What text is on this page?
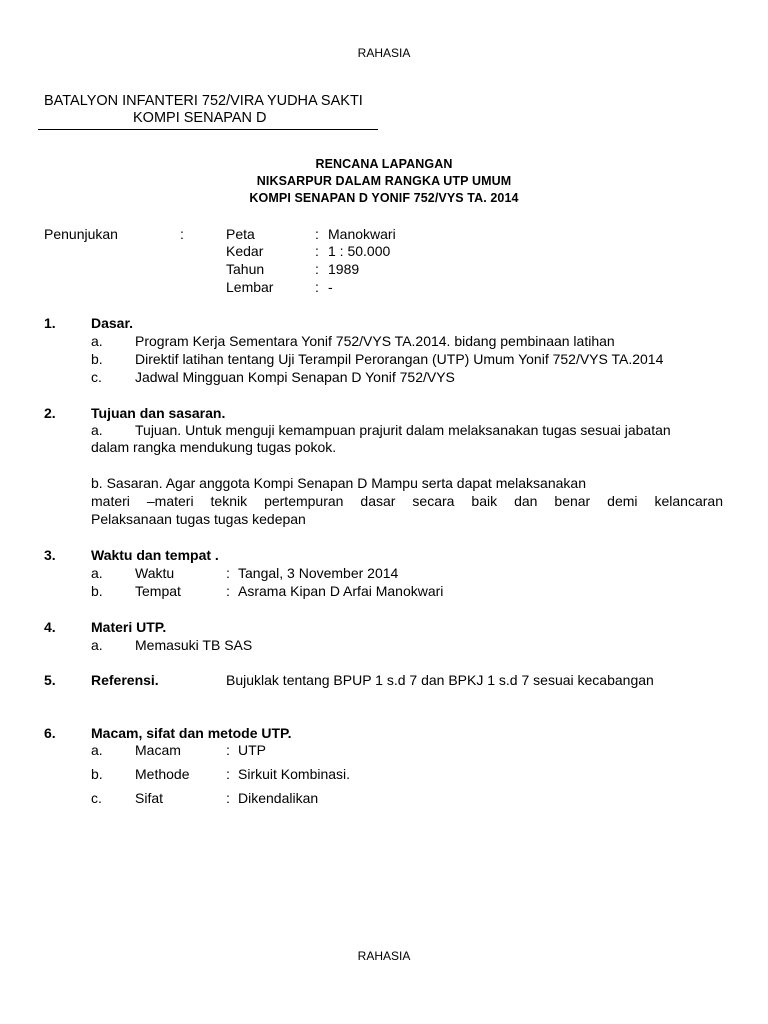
RAHASIA
BATALYON INFANTERI 752/VIRA YUDHA SAKTI
KOMPI SENAPAN D
RENCANA LAPANGAN
NIKSARPUR DALAM RANGKA UTP UMUM
KOMPI SENAPAN D YONIF 752/VYS TA. 2014
Penunjukan	:	Peta	: Manokwari
Kedar	: 1 : 50.000
Tahun	: 1989
Lembar	: -
1.	Dasar.
a. Program Kerja Sementara Yonif 752/VYS TA.2014. bidang pembinaan latihan
b. Direktif latihan tentang Uji Terampil Perorangan (UTP) Umum Yonif 752/VYS TA.2014
c. Jadwal Mingguan Kompi Senapan D Yonif 752/VYS
2.	Tujuan dan sasaran.
a. Tujuan. Untuk menguji kemampuan prajurit dalam melaksanakan tugas sesuai jabatan
dalam rangka mendukung tugas pokok.
b. Sasaran. Agar anggota Kompi Senapan D Mampu serta dapat melaksanakan
materi –materi teknik pertempuran dasar secara baik dan benar demi kelancaran
Pelaksanaan tugas tugas kedepan
3.	Waktu dan tempat .
a. Waktu	: Tangal, 3 November 2014
b. Tempat	: Asrama Kipan D Arfai Manokwari
4.	Materi UTP.
a. Memasuki TB SAS
5.	Referensi.	Bujuklak tentang BPUP 1 s.d 7 dan BPKJ 1 s.d 7 sesuai kecabangan
6.	Macam, sifat dan metode UTP.
a. Macam	: UTP
b. Methode	: Sirkuit Kombinasi.
c. Sifat	: Dikendalikan
RAHASIA
